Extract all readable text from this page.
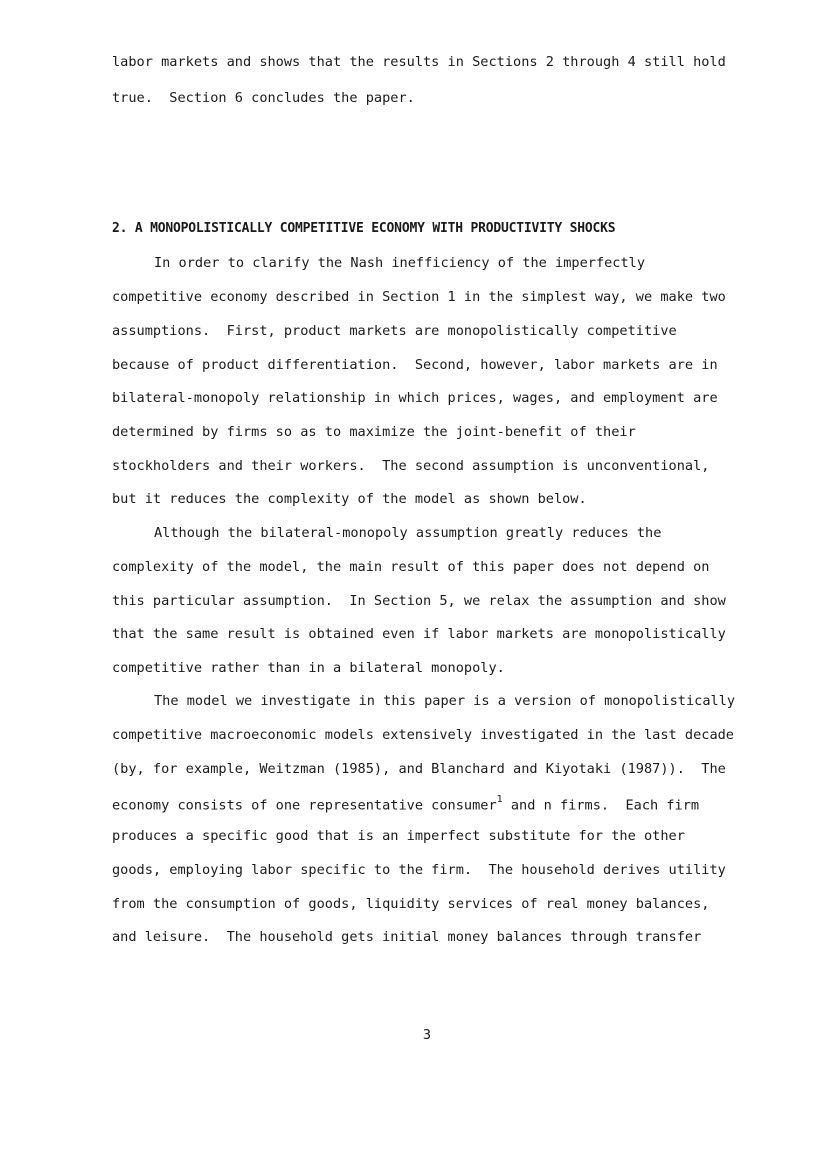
labor markets and shows that the results in Sections 2 through 4 still hold
true.  Section 6 concludes the paper.
2. A MONOPOLISTICALLY COMPETITIVE ECONOMY WITH PRODUCTIVITY SHOCKS
In order to clarify the Nash inefficiency of the imperfectly
competitive economy described in Section 1 in the simplest way, we make two
assumptions.  First, product markets are monopolistically competitive
because of product differentiation.  Second, however, labor markets are in
bilateral-monopoly relationship in which prices, wages, and employment are
determined by firms so as to maximize the joint-benefit of their
stockholders and their workers.  The second assumption is unconventional,
but it reduces the complexity of the model as shown below.
Although the bilateral-monopoly assumption greatly reduces the
complexity of the model, the main result of this paper does not depend on
this particular assumption.  In Section 5, we relax the assumption and show
that the same result is obtained even if labor markets are monopolistically
competitive rather than in a bilateral monopoly.
The model we investigate in this paper is a version of monopolistically
competitive macroeconomic models extensively investigated in the last decade
(by, for example, Weitzman (1985), and Blanchard and Kiyotaki (1987)).  The
economy consists of one representative consumer$^1$ and n firms.  Each firm
produces a specific good that is an imperfect substitute for the other
goods, employing labor specific to the firm.  The household derives utility
from the consumption of goods, liquidity services of real money balances,
and leisure.  The household gets initial money balances through transfer
3
